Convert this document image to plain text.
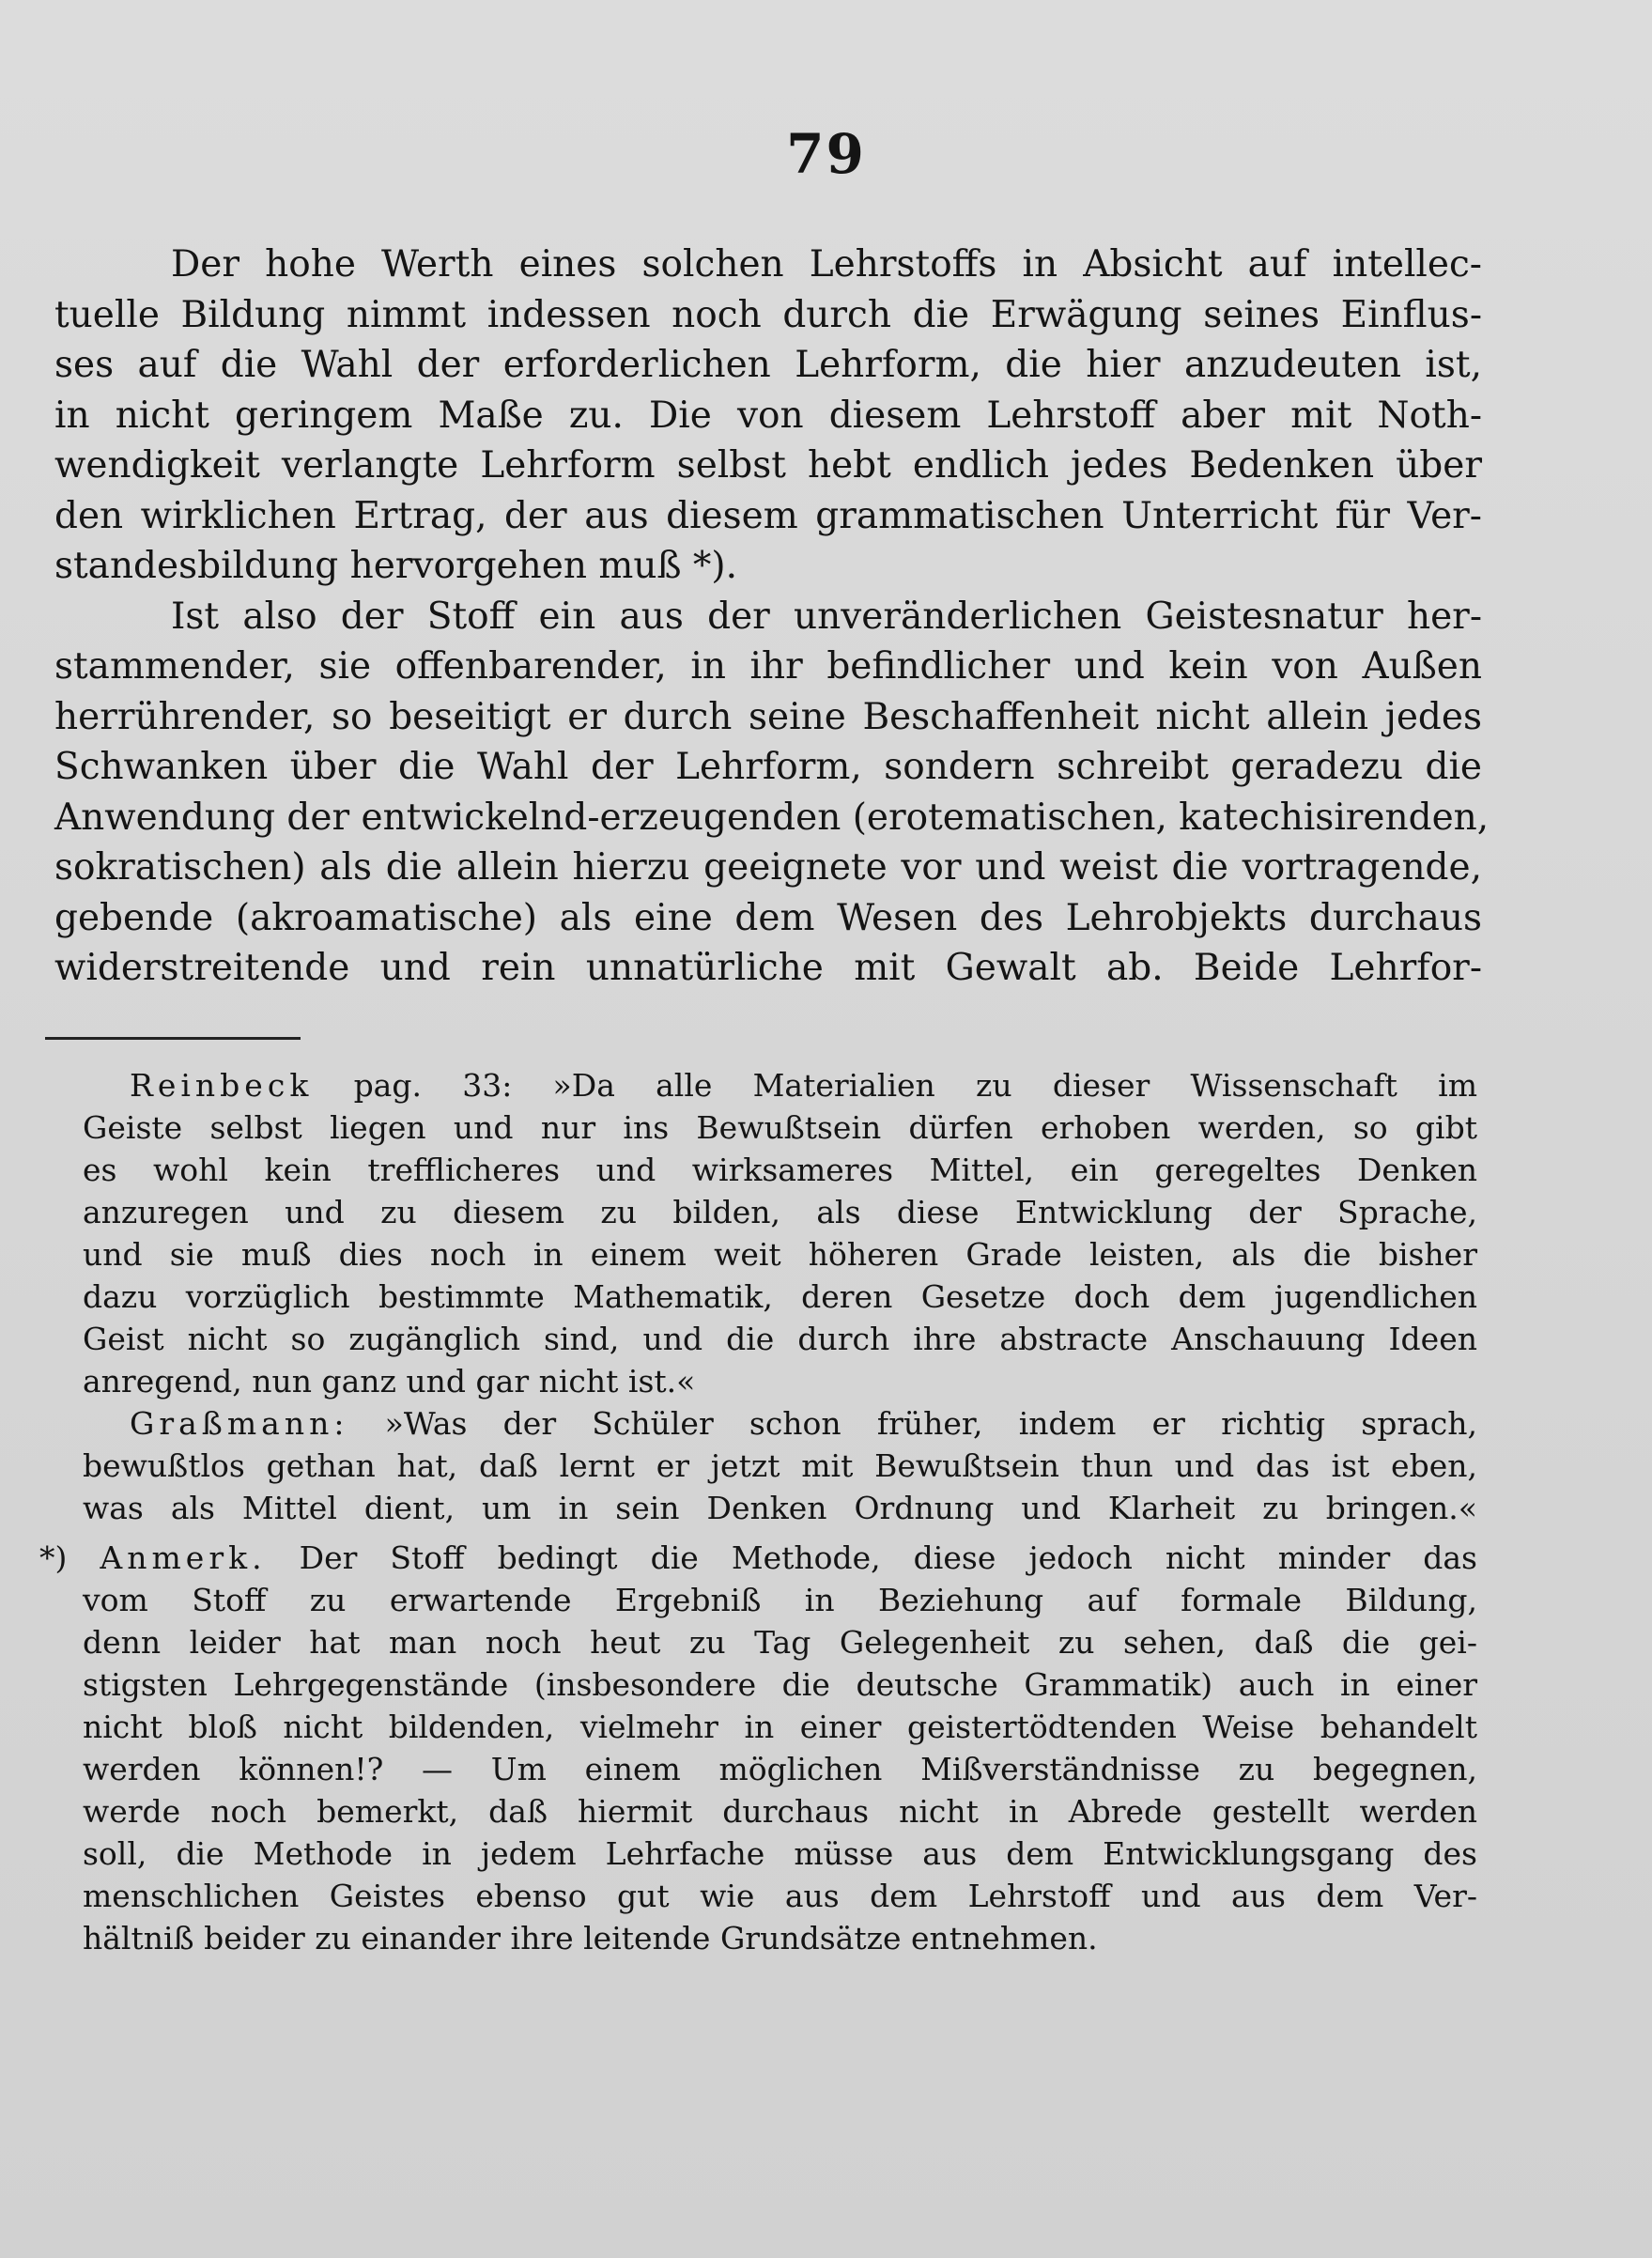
79
Der hohe Werth eines solchen Lehrstoffs in Absicht auf intellec-
tuelle Bildung nimmt indessen noch durch die Erwägung seines Einflus-
ses auf die Wahl der erforderlichen Lehrform, die hier anzudeuten ist,
in nicht geringem Maße zu. Die von diesem Lehrstoff aber mit Noth-
wendigkeit verlangte Lehrform selbst hebt endlich jedes Bedenken über
den wirklichen Ertrag, der aus diesem grammatischen Unterricht für Ver-
standesbildung hervorgehen muß *).
Ist also der Stoff ein aus der unveränderlichen Geistesnatur her-
stammender, sie offenbarender, in ihr befindlicher und kein von Außen
herrührender, so beseitigt er durch seine Beschaffenheit nicht allein jedes
Schwanken über die Wahl der Lehrform, sondern schreibt geradezu die
Anwendung der entwickelnd-erzeugenden (erotematischen, katechisirenden,
sokratischen) als die allein hierzu geeignete vor und weist die vortragende,
gebende (akroamatische) als eine dem Wesen des Lehrobjekts durchaus
widerstreitende und rein unnatürliche mit Gewalt ab. Beide Lehrfor-
Reinbeck pag. 33: »Da alle Materialien zu dieser Wissenschaft im
Geiste selbst liegen und nur ins Bewußtsein dürfen erhoben werden, so gibt
es wohl kein trefflicheres und wirksameres Mittel, ein geregeltes Denken
anzuregen und zu diesem zu bilden, als diese Entwicklung der Sprache,
und sie muß dies noch in einem weit höheren Grade leisten, als die bisher
dazu vorzüglich bestimmte Mathematik, deren Gesetze doch dem jugendlichen
Geist nicht so zugänglich sind, und die durch ihre abstracte Anschauung Ideen
anregend, nun ganz und gar nicht ist.«
Graßmann: »Was der Schüler schon früher, indem er richtig sprach,
bewußtlos gethan hat, daß lernt er jetzt mit Bewußtsein thun und das ist eben,
was als Mittel dient, um in sein Denken Ordnung und Klarheit zu bringen.«
*) Anmerk. Der Stoff bedingt die Methode, diese jedoch nicht minder das
vom Stoff zu erwartende Ergebniß in Beziehung auf formale Bildung,
denn leider hat man noch heut zu Tag Gelegenheit zu sehen, daß die gei-
stigsten Lehrgegenstände (insbesondere die deutsche Grammatik) auch in einer
nicht bloß nicht bildenden, vielmehr in einer geistertödtenden Weise behandelt
werden können!? — Um einem möglichen Mißverständnisse zu begegnen,
werde noch bemerkt, daß hiermit durchaus nicht in Abrede gestellt werden
soll, die Methode in jedem Lehrfache müsse aus dem Entwicklungsgang des
menschlichen Geistes ebenso gut wie aus dem Lehrstoff und aus dem Ver-
hältniß beider zu einander ihre leitende Grundsätze entnehmen.
